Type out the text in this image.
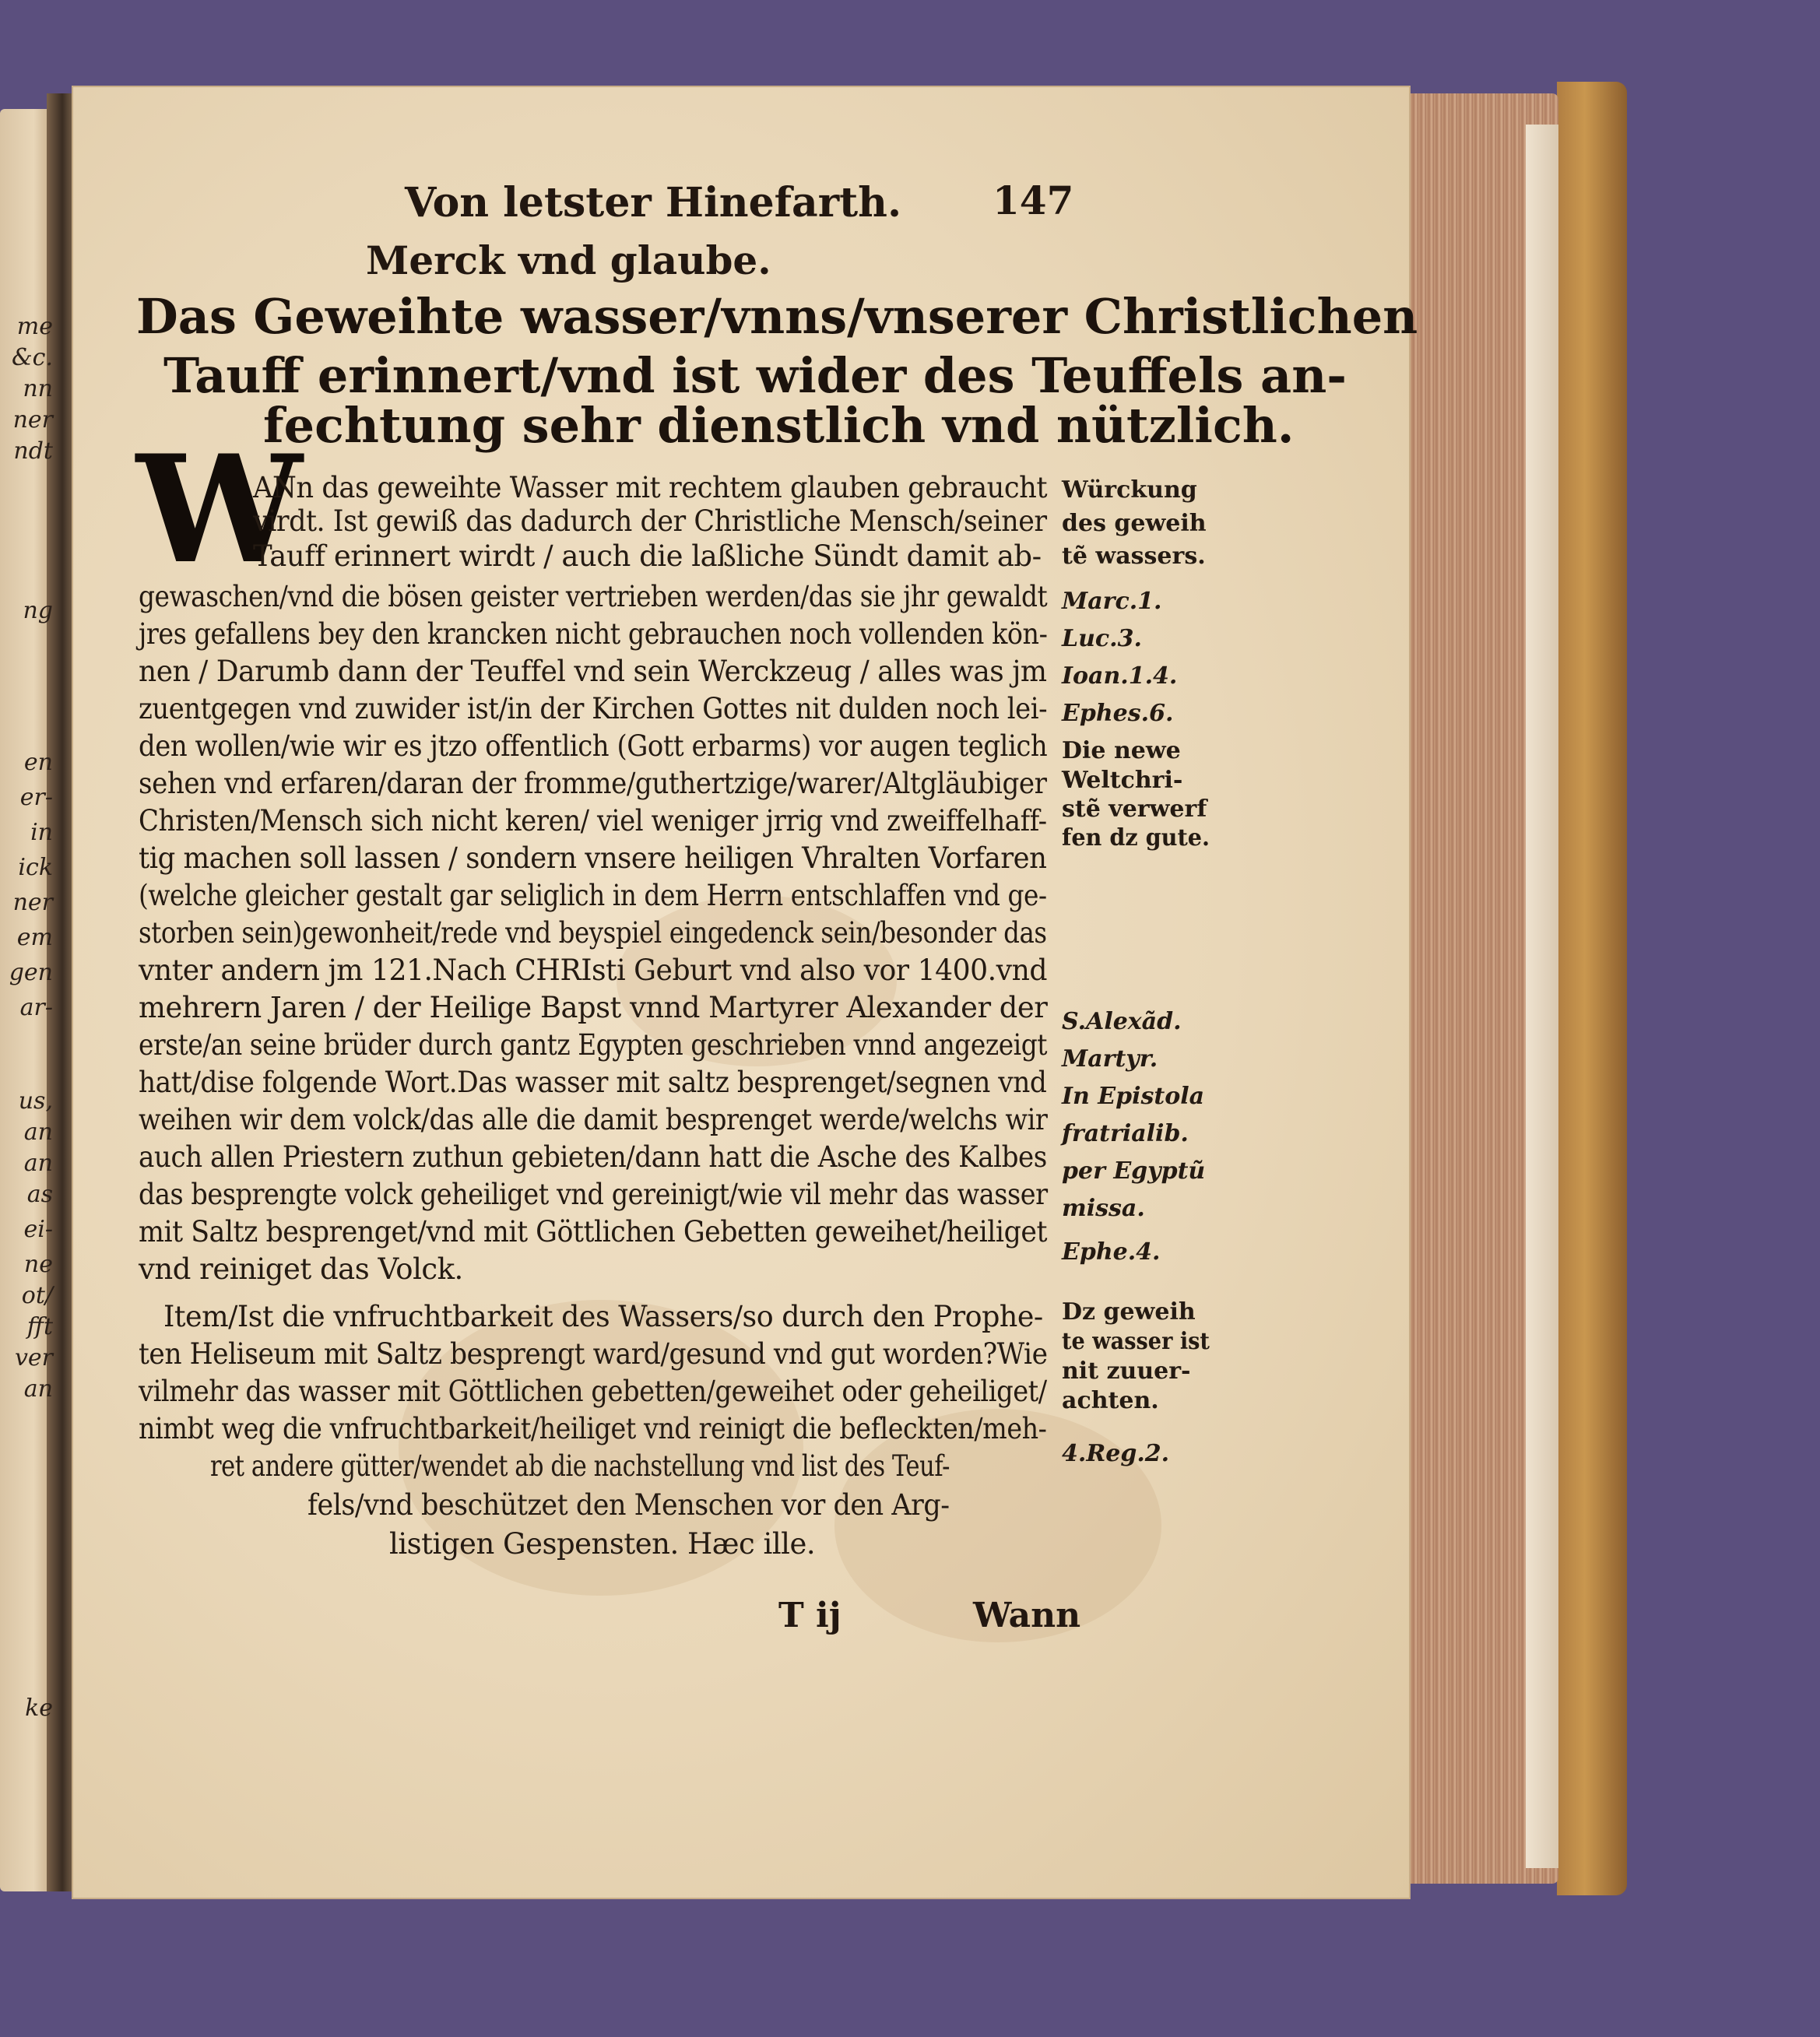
me
&c.
nn
ner
ndt
ng
en
er-
in
ick
ner
em
gen
ar-
us,
an
an
as
ei-
ne
ot/
fft
ver
an
ke
Von letster Hinefarth. 147
Merck vnd glaube.
Das Geweihte wasser/vnns/vnserer Christlichen
Tauff erinnert/vnd ist wider des Teuffels an-
fechtung sehr dienstlich vnd nützlich.
W
ANn das geweihte Wasser mit rechtem glauben gebraucht
virdt. Ist gewiß das dadurch der Christliche Mensch/seiner
Tauff erinnert wirdt / auch die laßliche Sündt damit ab-
gewaschen/vnd die bösen geister vertrieben werden/das sie jhr gewaldt
jres gefallens bey den krancken nicht gebrauchen noch vollenden kön-
nen / Darumb dann der Teuffel vnd sein Werckzeug / alles was jm
zuentgegen vnd zuwider ist/in der Kirchen Gottes nit dulden noch lei-
den wollen/wie wir es jtzo offentlich (Gott erbarms) vor augen teglich
sehen vnd erfaren/daran der fromme/guthertzige/warer/Altgläubiger
Christen/Mensch sich nicht keren/ viel weniger jrrig vnd zweiffelhaff-
tig machen soll lassen / sondern vnsere heiligen Vhralten Vorfaren
(welche gleicher gestalt gar seliglich in dem Herrn entschlaffen vnd ge-
storben sein)gewonheit/rede vnd beyspiel eingedenck sein/besonder das
vnter andern jm 121.Nach CHRIsti Geburt vnd also vor 1400.vnd
mehrern Jaren / der Heilige Bapst vnnd Martyrer Alexander der
erste/an seine brüder durch gantz Egypten geschrieben vnnd angezeigt
hatt/dise folgende Wort.Das wasser mit saltz besprenget/segnen vnd
weihen wir dem volck/das alle die damit besprenget werde/welchs wir
auch allen Priestern zuthun gebieten/dann hatt die Asche des Kalbes
das besprengte volck geheiliget vnd gereinigt/wie vil mehr das wasser
mit Saltz besprenget/vnd mit Göttlichen Gebetten geweihet/heiliget
vnd reiniget das Volck.
Item/Ist die vnfruchtbarkeit des Wassers/so durch den Prophe-
ten Heliseum mit Saltz besprengt ward/gesund vnd gut worden?Wie
vilmehr das wasser mit Göttlichen gebetten/geweihet oder geheiliget/
nimbt weg die vnfruchtbarkeit/heiliget vnd reinigt die befleckten/meh-
ret andere gütter/wendet ab die nachstellung vnd list des Teuf-
fels/vnd beschützet den Menschen vor den Arg-
listigen Gespensten. Hæc ille.
Würckung
des geweih
tẽ wassers.
Marc.1.
Luc.3.
Ioan.1.4.
Ephes.6.
Die newe
Weltchri-
stẽ verwerf
fen dz gute.
S.Alexãd.
Martyr.
In Epistola
fratrialib.
per Egyptũ
missa.
Ephe.4.
Dz geweih
te wasser ist
nit zuuer-
achten.
4.Reg.2.
T ij	Wann
